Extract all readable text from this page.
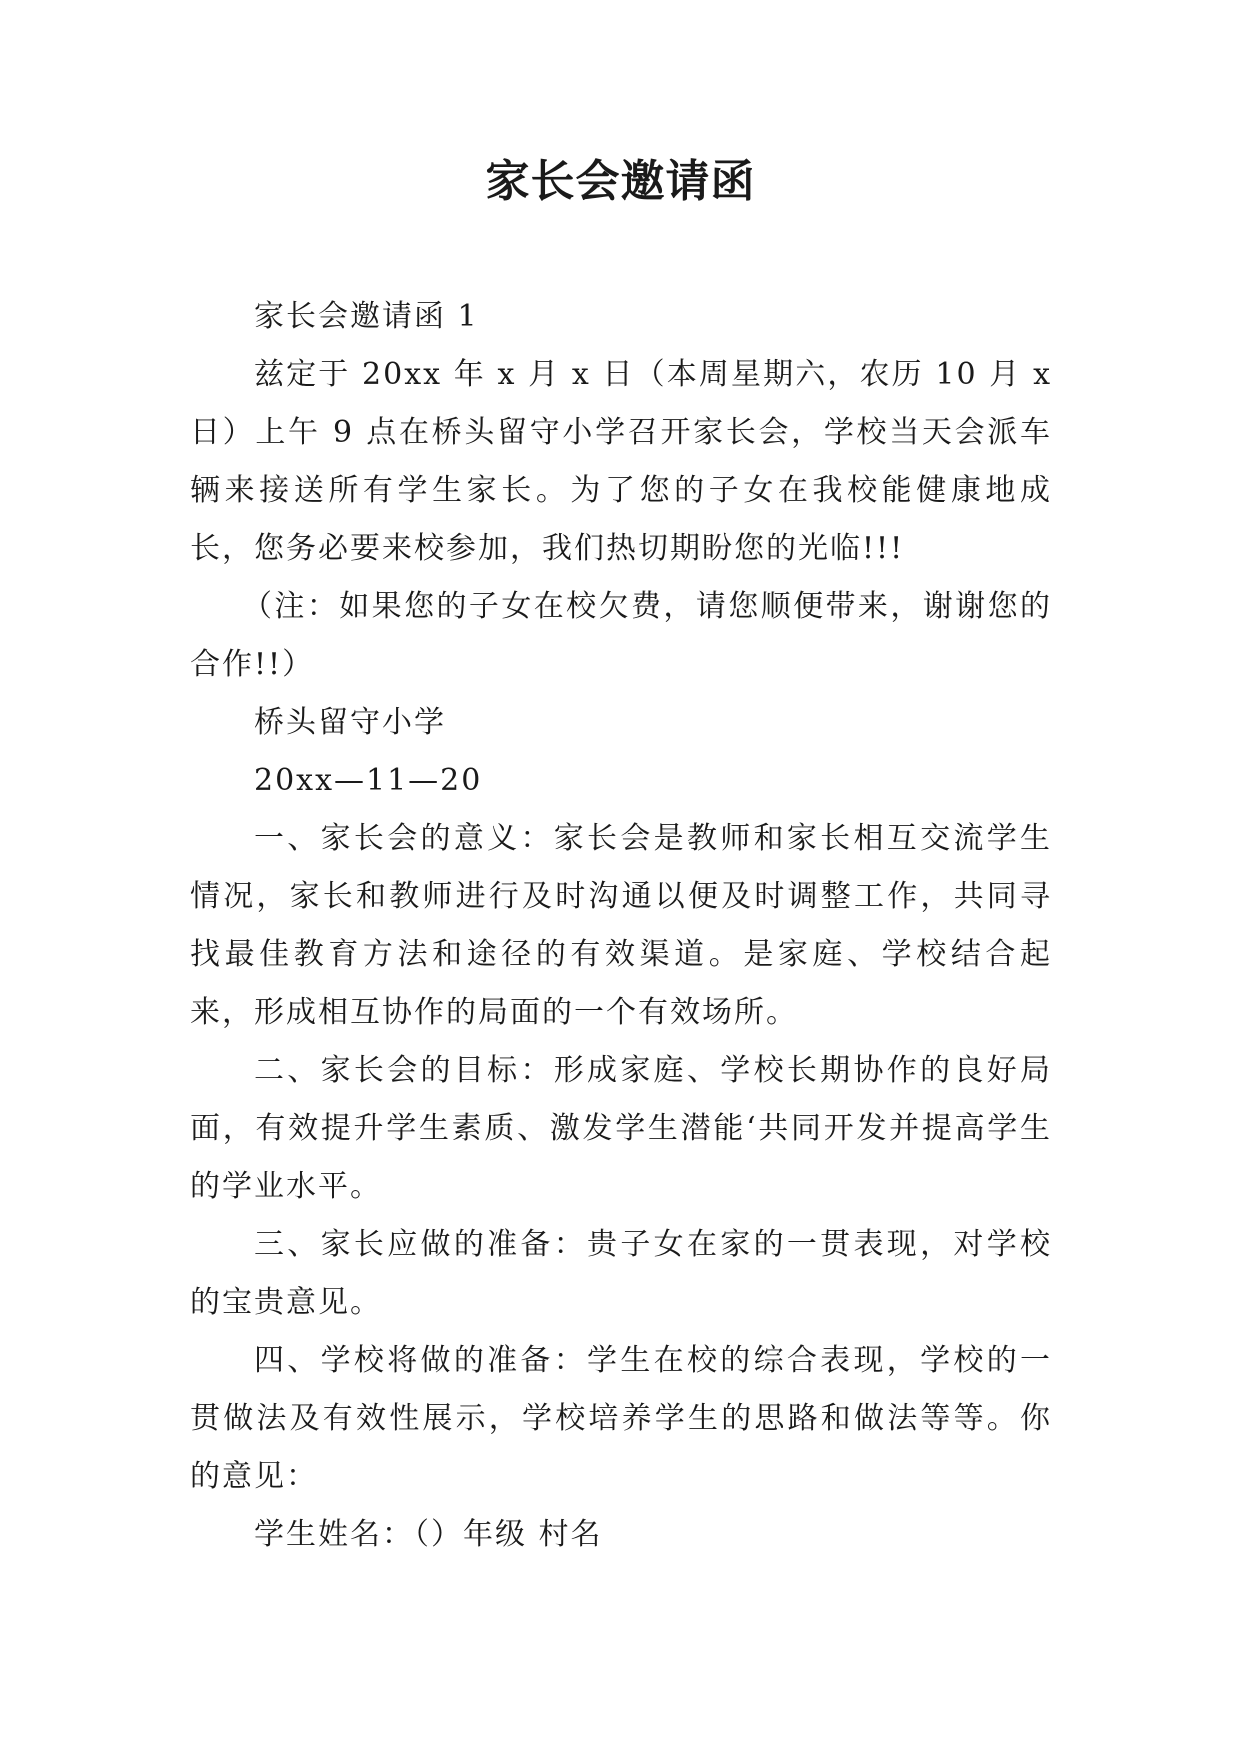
家长会邀请函

家长会邀请函 1

兹定于 20xx 年 x 月 x 日（本周星期六，农历 10 月 x 日）上午 9 点在桥头留守小学召开家长会，学校当天会派车辆来接送所有学生家长。为了您的子女在我校能健康地成长，您务必要来校参加，我们热切期盼您的光临!!!

（注：如果您的子女在校欠费，请您顺便带来，谢谢您的合作!!）

桥头留守小学

20xx—11—20

一、家长会的意义：家长会是教师和家长相互交流学生情况，家长和教师进行及时沟通以便及时调整工作，共同寻找最佳教育方法和途径的有效渠道。是家庭、学校结合起来，形成相互协作的局面的一个有效场所。

二、家长会的目标：形成家庭、学校长期协作的良好局面，有效提升学生素质、激发学生潜能‘共同开发并提高学生的学业水平。

三、家长应做的准备：贵子女在家的一贯表现，对学校的宝贵意见。

四、学校将做的准备：学生在校的综合表现，学校的一贯做法及有效性展示，学校培养学生的思路和做法等等。你的意见：

学生姓名：（）年级 村名
